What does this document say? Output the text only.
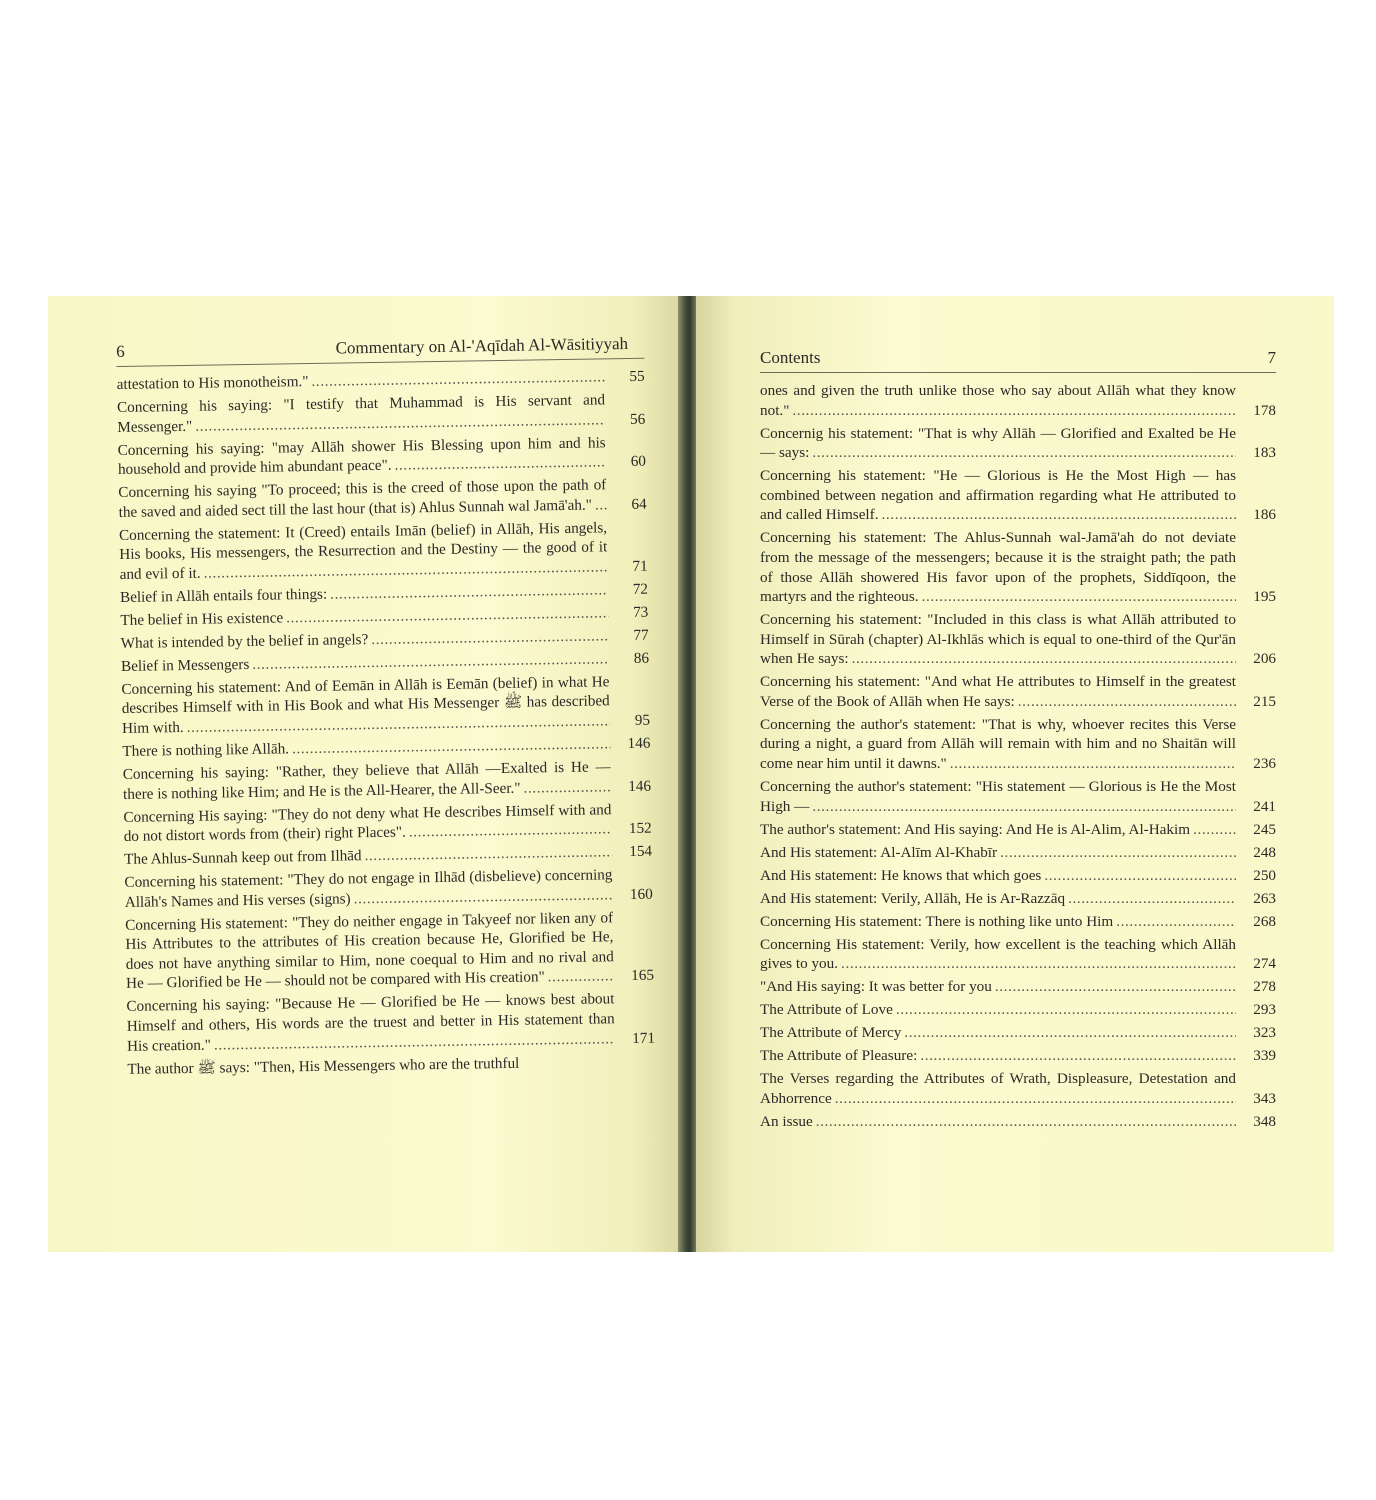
6	Commentary on Al-'Aqīdah Al-Wāsitiyyah
attestation to His monotheism." .....	55
Concerning his saying: "I testify that Muhammad is His servant and Messenger." .....	56
Concerning his saying: "may Allāh shower His Blessing upon him and his household and provide him abundant peace". .....	60
Concerning his saying "To proceed; this is the creed of those upon the path of the saved and aided sect till the last hour (that is) Ahlus Sunnah wal Jamā'ah." .....	64
Concerning the statement: It (Creed) entails Imān (belief) in Allāh, His angels, His books, His messengers, the Resurrection and the Destiny — the good of it and evil of it. .....	71
Belief in Allāh entails four things: .....	72
The belief in His existence .....	73
What is intended by the belief in angels? .....	77
Belief in Messengers .....	86
Concerning his statement: And of Eemān in Allāh is Eemān (belief) in what He describes Himself with in His Book and what His Messenger ﷺ has described Him with. .....	95
There is nothing like Allāh. .....	146
Concerning his saying: "Rather, they believe that Allāh —Exalted is He — there is nothing like Him; and He is the All-Hearer, the All-Seer." .....	146
Concerning His saying: "They do not deny what He describes Himself with and do not distort words from (their) right Places". .....	152
The Ahlus-Sunnah keep out from Ilhād .....	154
Concerning his statement: "They do not engage in Ilhād (disbelieve) concerning Allāh's Names and His verses (signs) .....	160
Concerning His statement: "They do neither engage in Takyeef nor liken any of His Attributes to the attributes of His creation because He, Glorified be He, does not have anything similar to Him, none coequal to Him and no rival and He — Glorified be He — should not be compared with His creation" .....	165
Concerning his saying: "Because He — Glorified be He — knows best about Himself and others, His words are the truest and better in His statement than His creation." .....	171
The author ﷺ says: "Then, His Messengers who are the truthful
Contents	7
ones and given the truth unlike those who say about Allāh what they know not." .....	178
Concernig his statement: "That is why Allāh — Glorified and Exalted be He — says: .....	183
Concerning his statement: "He — Glorious is He the Most High — has combined between negation and affirmation regarding what He attributed to and called Himself. .....	186
Concerning his statement: The Ahlus-Sunnah wal-Jamā'ah do not deviate from the message of the messengers; because it is the straight path; the path of those Allāh showered His favor upon of the prophets, Siddīqoon, the martyrs and the righteous. .....	195
Concerning his statement: "Included in this class is what Allāh attributed to Himself in Sūrah (chapter) Al-Ikhlās which is equal to one-third of the Qur'ān when He says: .....	206
Concerning his statement: "And what He attributes to Himself in the greatest Verse of the Book of Allāh when He says: .....	215
Concerning the author's statement: "That is why, whoever recites this Verse during a night, a guard from Allāh will remain with him and no Shaitān will come near him until it dawns." .....	236
Concerning the author's statement: "His statement — Glorious is He the Most High — .....	241
The author's statement: And His saying: And He is Al-Alim, Al-Hakim .....	245
And His statement: Al-Alīm Al-Khabīr .....	248
And His statement: He knows that which goes .....	250
And His statement: Verily, Allāh, He is Ar-Razzāq .....	263
Concerning His statement: There is nothing like unto Him .....	268
Concerning His statement: Verily, how excellent is the teaching which Allāh gives to you. .....	274
"And His saying: It was better for you .....	278
The Attribute of Love .....	293
The Attribute of Mercy .....	323
The Attribute of Pleasure: .....	339
The Verses regarding the Attributes of Wrath, Displeasure, Detestation and Abhorrence .....	343
An issue .....	348
